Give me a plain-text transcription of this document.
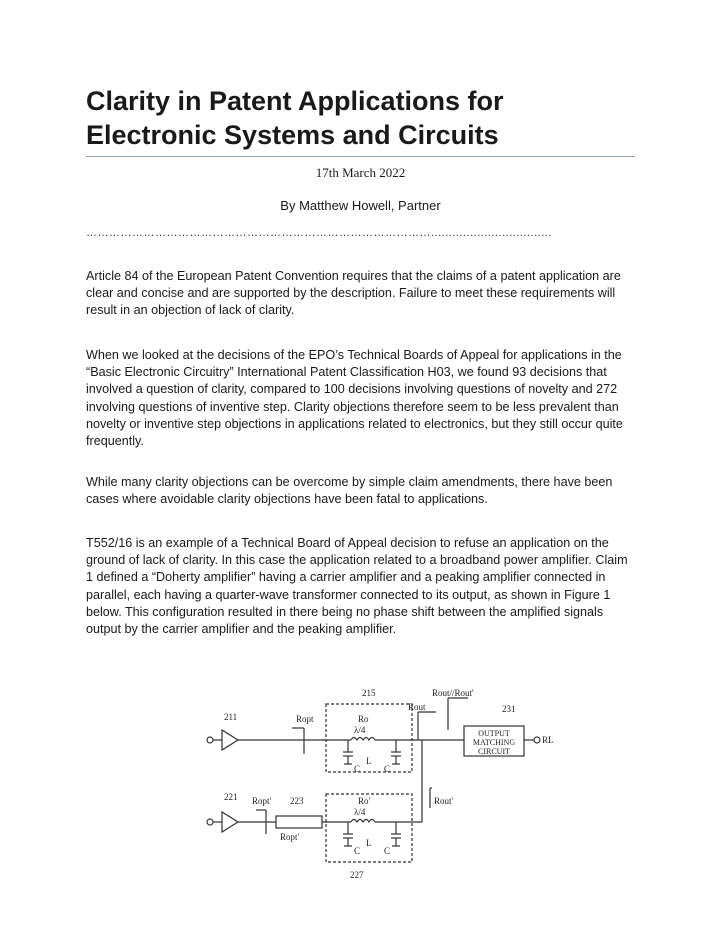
Clarity in Patent Applications for
Electronic Systems and Circuits
17th March 2022
By Matthew Howell, Partner
………………………………………………………………………………..................................

Article 84 of the European Patent Convention requires that the claims of a patent application are clear and concise and are supported by the description. Failure to meet these requirements will result in an objection of lack of clarity.

When we looked at the decisions of the EPO’s Technical Boards of Appeal for applications in the “Basic Electronic Circuitry” International Patent Classification H03, we found 93 decisions that involved a question of clarity, compared to 100 decisions involving questions of novelty and 272 involving questions of inventive step. Clarity objections therefore seem to be less prevalent than novelty or inventive step objections in applications related to electronics, but they still occur quite frequently.

While many clarity objections can be overcome by simple claim amendments, there have been cases where avoidable clarity objections have been fatal to applications.

T552/16 is an example of a Technical Board of Appeal decision to refuse an application on the ground of lack of clarity. In this case the application related to a broadband power amplifier. Claim 1 defined a “Doherty amplifier” having a carrier amplifier and a peaking amplifier connected in parallel, each having a quarter-wave transformer connected to its output, as shown in Figure 1 below. This configuration resulted in there being no phase shift between the amplified signals output by the carrier amplifier and the peaking amplifier.

215	Rout//Rout'
211	Ropt	Ro
λ/4
Rout	231
OUTPUT
MATCHING
CIRCUIT
RL
L
C	C
221 Ropt' 223	Ro'
λ/4
Rout'
Ropt'
L
C	C
227
